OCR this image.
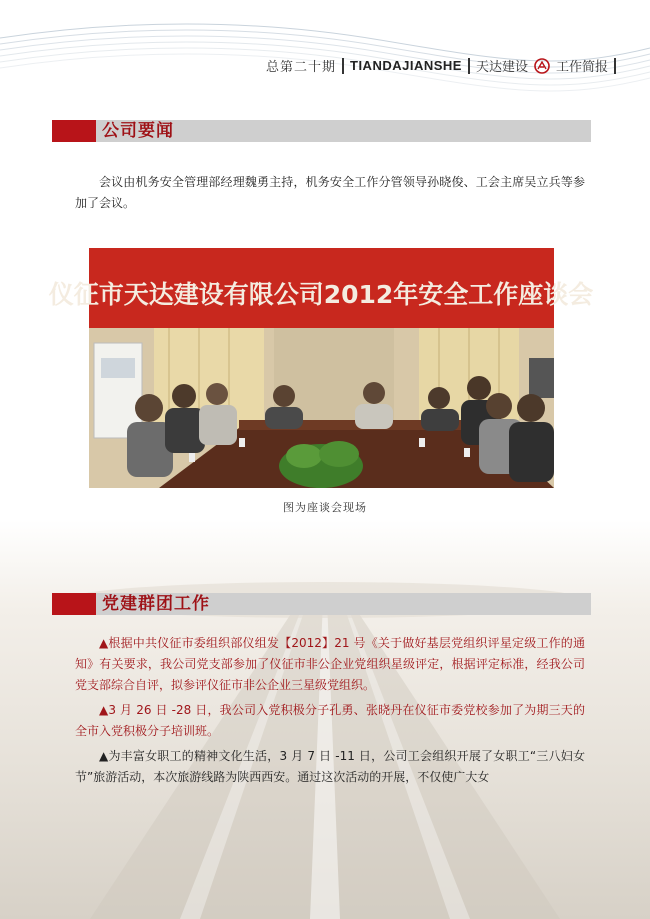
总第二十期 TIANDAJIANSHE 天达建设 工作简报
公司要闻

会议由机务安全管理部经理魏勇主持，机务安全工作分管领导孙晓俊、工会主席吴立兵等参加了会议。

仪征市天达建设有限公司2012年安全工作座谈会
图为座谈会现场
党建群团工作

▲根据中共仪征市委组织部仪组发【2012】21 号《关于做好基层党组织评星定级工作的通知》有关要求，我公司党支部参加了仪征市非公企业党组织星级评定，根据评定标准，经我公司党支部综合自评，拟参评仪征市非公企业三星级党组织。

▲3 月 26 日 -28 日，我公司入党积极分子孔勇、张晓丹在仪征市委党校参加了为期三天的全市入党积极分子培训班。

▲为丰富女职工的精神文化生活，3 月 7 日 -11 日，公司工会组织开展了女职工“三八妇女节”旅游活动，本次旅游线路为陕西西安。通过这次活动的开展，不仅使广大女
